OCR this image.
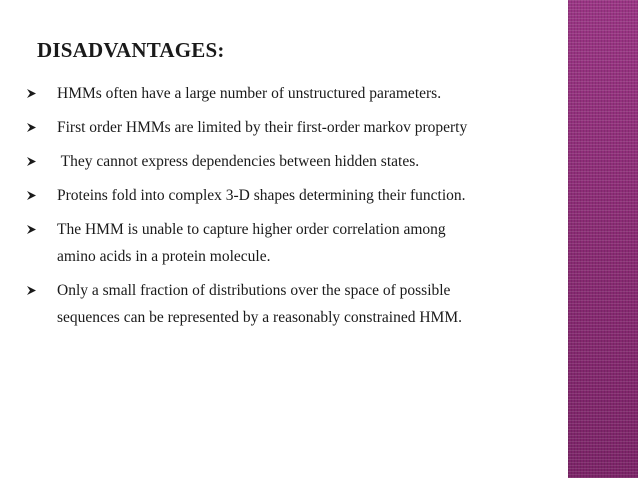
DISADVANTAGES:
HMMs often have a large number of unstructured parameters.
First order HMMs are limited by their first-order markov property
They cannot express dependencies between hidden states.
Proteins fold into complex 3-D shapes determining their function.
The HMM is unable to capture higher order correlation among
amino acids in a protein molecule.
Only a small fraction of distributions over the space of possible
sequences can be represented by a reasonably constrained HMM.
